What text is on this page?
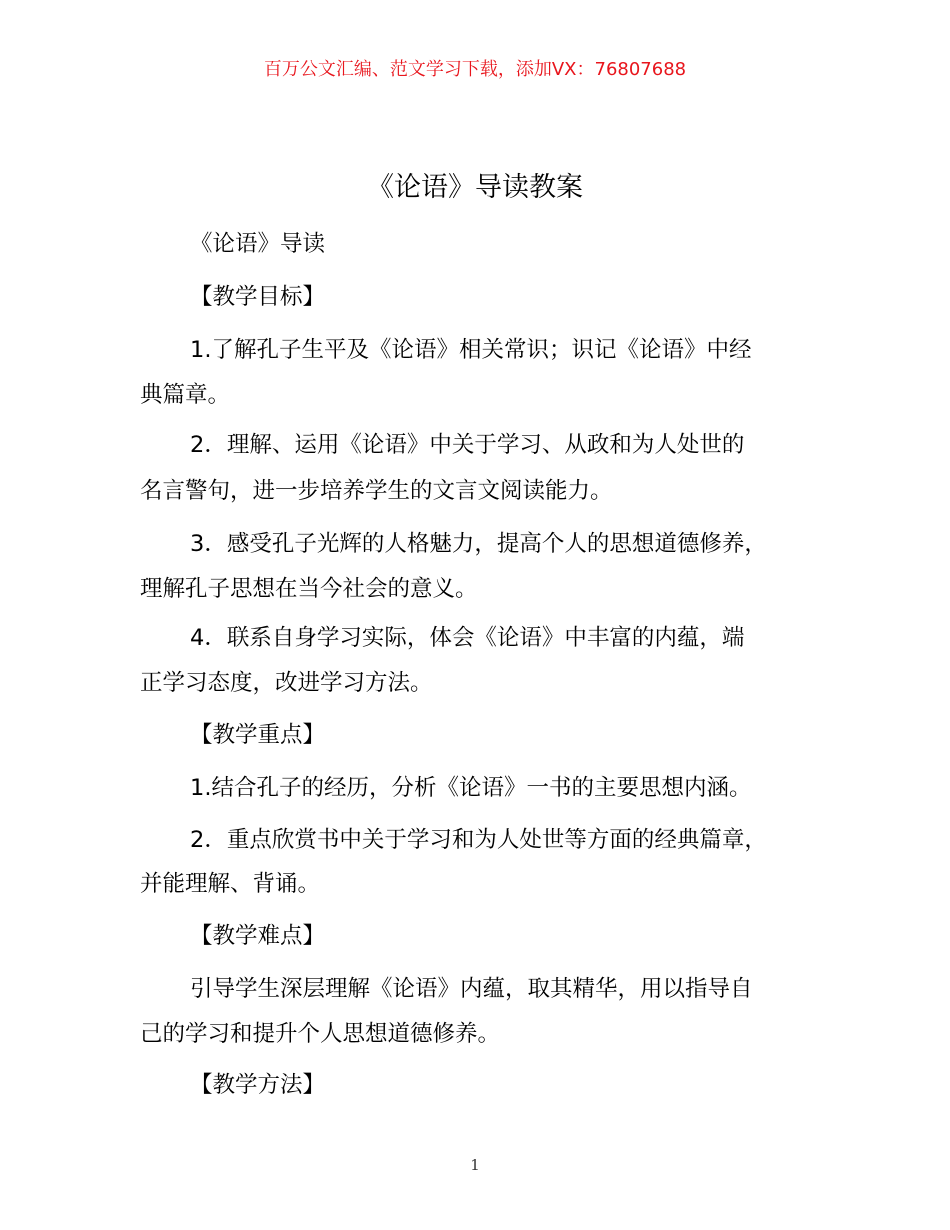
百万公文汇编、范文学习下载，添加VX：76807688
《论语》导读教案

《论语》导读

【教学目标】

1.了解孔子生平及《论语》相关常识；识记《论语》中经

典篇章。

2．理解、运用《论语》中关于学习、从政和为人处世的

名言警句，进一步培养学生的文言文阅读能力。

3．感受孔子光辉的人格魅力，提高个人的思想道德修养，

理解孔子思想在当今社会的意义。

4．联系自身学习实际，体会《论语》中丰富的内蕴，端

正学习态度，改进学习方法。

【教学重点】

1.结合孔子的经历，分析《论语》一书的主要思想内涵。

2．重点欣赏书中关于学习和为人处世等方面的经典篇章，

并能理解、背诵。

【教学难点】

引导学生深层理解《论语》内蕴，取其精华，用以指导自

己的学习和提升个人思想道德修养。

【教学方法】

1
